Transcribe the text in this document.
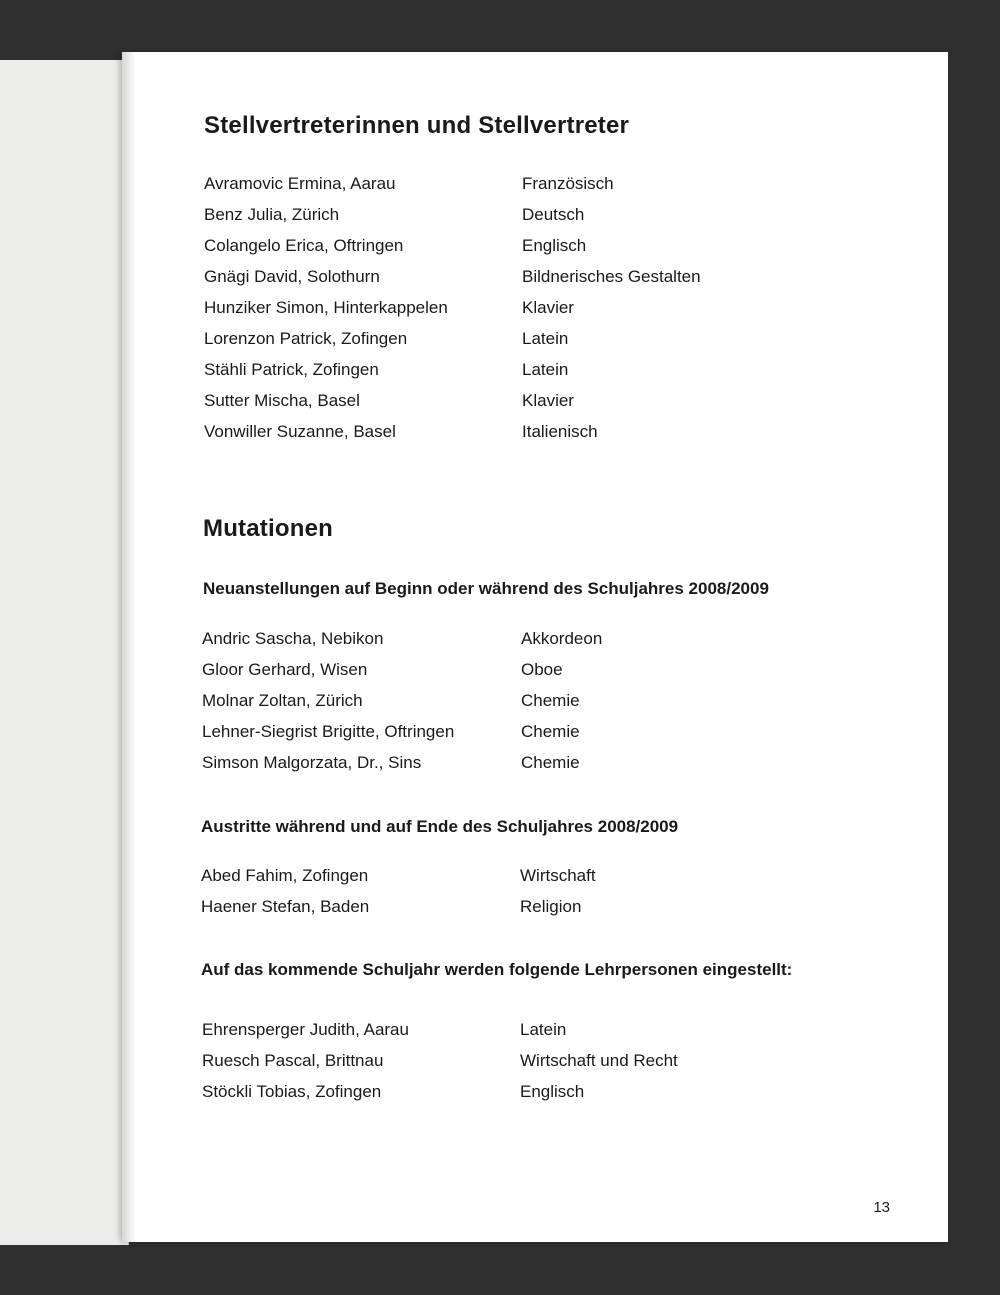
Stellvertreterinnen und Stellvertreter
Avramovic Ermina, Aarau	Französisch
Benz Julia, Zürich	Deutsch
Colangelo Erica, Oftringen	Englisch
Gnägi David, Solothurn	Bildnerisches Gestalten
Hunziker Simon, Hinterkappelen	Klavier
Lorenzon Patrick, Zofingen	Latein
Stähli Patrick, Zofingen	Latein
Sutter Mischa, Basel	Klavier
Vonwiller Suzanne, Basel	Italienisch
Mutationen
Neuanstellungen auf Beginn oder während des Schuljahres 2008/2009
Andric Sascha, Nebikon	Akkordeon
Gloor Gerhard, Wisen	Oboe
Molnar Zoltan, Zürich	Chemie
Lehner-Siegrist Brigitte, Oftringen	Chemie
Simson Malgorzata, Dr., Sins	Chemie
Austritte während und auf Ende des Schuljahres 2008/2009
Abed Fahim, Zofingen	Wirtschaft
Haener Stefan, Baden	Religion
Auf das kommende Schuljahr werden folgende Lehrpersonen eingestellt:
Ehrensperger Judith, Aarau	Latein
Ruesch Pascal, Brittnau	Wirtschaft und Recht
Stöckli Tobias, Zofingen	Englisch
13
